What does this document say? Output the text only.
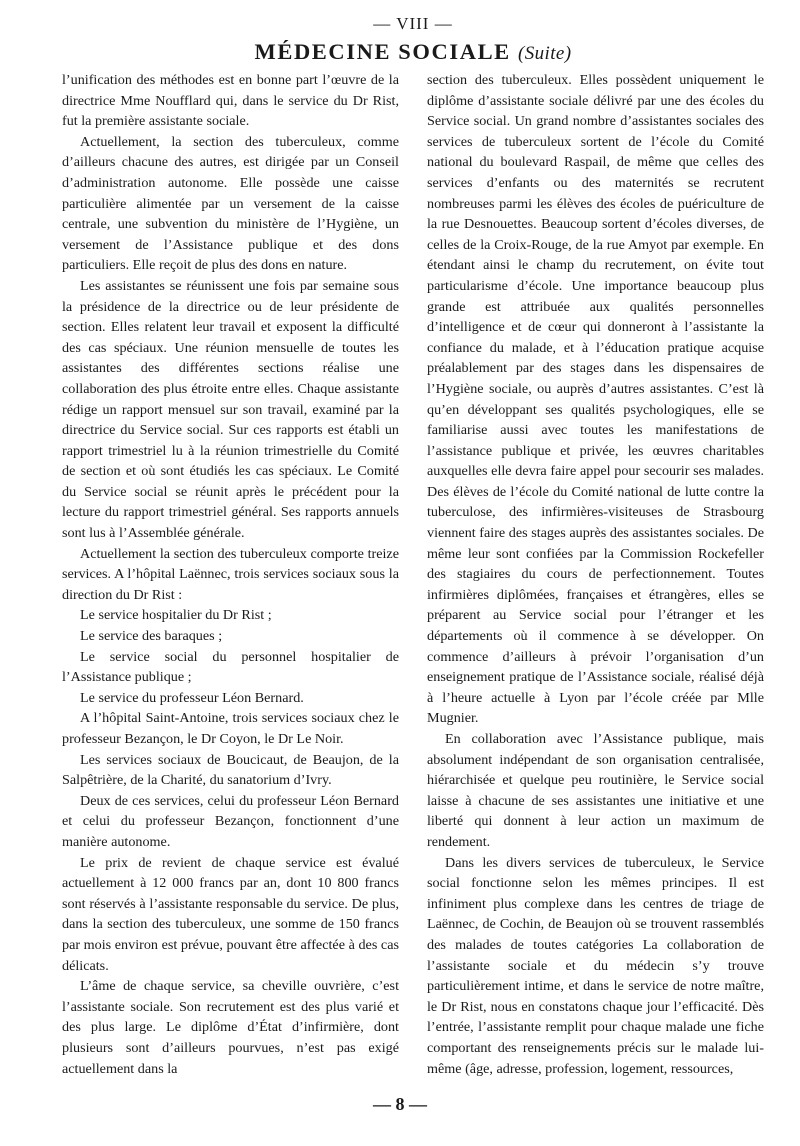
— VIII —
MÉDECINE SOCIALE (Suite)

l’unification des méthodes est en bonne part l’œuvre de la directrice Mme Noufflard qui, dans le service du Dr Rist, fut la première assistante sociale.

Actuellement, la section des tuberculeux, comme d’ailleurs chacune des autres, est dirigée par un Conseil d’administration autonome. Elle possède une caisse particulière alimentée par un versement de la caisse centrale, une subvention du ministère de l’Hygiène, un versement de l’Assistance publique et des dons particuliers. Elle reçoit de plus des dons en nature.

Les assistantes se réunissent une fois par semaine sous la présidence de la directrice ou de leur présidente de section. Elles relatent leur travail et exposent la difficulté des cas spéciaux. Une réunion mensuelle de toutes les assistantes des différentes sections réalise une collaboration des plus étroite entre elles. Chaque assistante rédige un rapport mensuel sur son travail, examiné par la directrice du Service social. Sur ces rapports est établi un rapport trimestriel lu à la réunion trimestrielle du Comité de section et où sont étudiés les cas spéciaux. Le Comité du Service social se réunit après le précédent pour la lecture du rapport trimestriel général. Ses rapports annuels sont lus à l’Assemblée générale.

Actuellement la section des tuberculeux comporte treize services. A l’hôpital Laënnec, trois services sociaux sous la direction du Dr Rist :

Le service hospitalier du Dr Rist ;

Le service des baraques ;

Le service social du personnel hospitalier de l’Assistance publique ;

Le service du professeur Léon Bernard.

A l’hôpital Saint-Antoine, trois services sociaux chez le professeur Bezançon, le Dr Coyon, le Dr Le Noir.

Les services sociaux de Boucicaut, de Beaujon, de la Salpêtrière, de la Charité, du sanatorium d’Ivry.

Deux de ces services, celui du professeur Léon Bernard et celui du professeur Bezançon, fonctionnent d’une manière autonome.

Le prix de revient de chaque service est évalué actuellement à 12 000 francs par an, dont 10 800 francs sont réservés à l’assistante responsable du service. De plus, dans la section des tuberculeux, une somme de 150 francs par mois environ est prévue, pouvant être affectée à des cas délicats.

L’âme de chaque service, sa cheville ouvrière, c’est l’assistante sociale. Son recrutement est des plus varié et des plus large. Le diplôme d’État d’infirmière, dont plusieurs sont d’ailleurs pourvues, n’est pas exigé actuellement dans la

section des tuberculeux. Elles possèdent uniquement le diplôme d’assistante sociale délivré par une des écoles du Service social. Un grand nombre d’assistantes sociales des services de tuberculeux sortent de l’école du Comité national du boulevard Raspail, de même que celles des services d’enfants ou des maternités se recrutent nombreuses parmi les élèves des écoles de puériculture de la rue Desnouettes. Beaucoup sortent d’écoles diverses, de celles de la Croix-Rouge, de la rue Amyot par exemple. En étendant ainsi le champ du recrutement, on évite tout particularisme d’école. Une importance beaucoup plus grande est attribuée aux qualités personnelles d’intelligence et de cœur qui donneront à l’assistante la confiance du malade, et à l’éducation pratique acquise préalablement par des stages dans les dispensaires de l’Hygiène sociale, ou auprès d’autres assistantes. C’est là qu’en développant ses qualités psychologiques, elle se familiarise aussi avec toutes les manifestations de l’assistance publique et privée, les œuvres charitables auxquelles elle devra faire appel pour secourir ses malades. Des élèves de l’école du Comité national de lutte contre la tuberculose, des infirmières-visiteuses de Strasbourg viennent faire des stages auprès des assistantes sociales. De même leur sont confiées par la Commission Rockefeller des stagiaires du cours de perfectionnement. Toutes infirmières diplômées, françaises et étrangères, elles se préparent au Service social pour l’étranger et les départements où il commence à se développer. On commence d’ailleurs à prévoir l’organisation d’un enseignement pratique de l’Assistance sociale, réalisé déjà à l’heure actuelle à Lyon par l’école créée par Mlle Mugnier.

En collaboration avec l’Assistance publique, mais absolument indépendant de son organisation centralisée, hiérarchisée et quelque peu routinière, le Service social laisse à chacune de ses assistantes une initiative et une liberté qui donnent à leur action un maximum de rendement.

Dans les divers services de tuberculeux, le Service social fonctionne selon les mêmes principes. Il est infiniment plus complexe dans les centres de triage de Laënnec, de Cochin, de Beaujon où se trouvent rassemblés des malades de toutes catégories La collaboration de l’assistante sociale et du médecin s’y trouve particulièrement intime, et dans le service de notre maître, le Dr Rist, nous en constatons chaque jour l’efficacité. Dès l’entrée, l’assistante remplit pour chaque malade une fiche comportant des renseignements précis sur le malade lui-même (âge, adresse, profession, logement, ressources,

— 8 —
